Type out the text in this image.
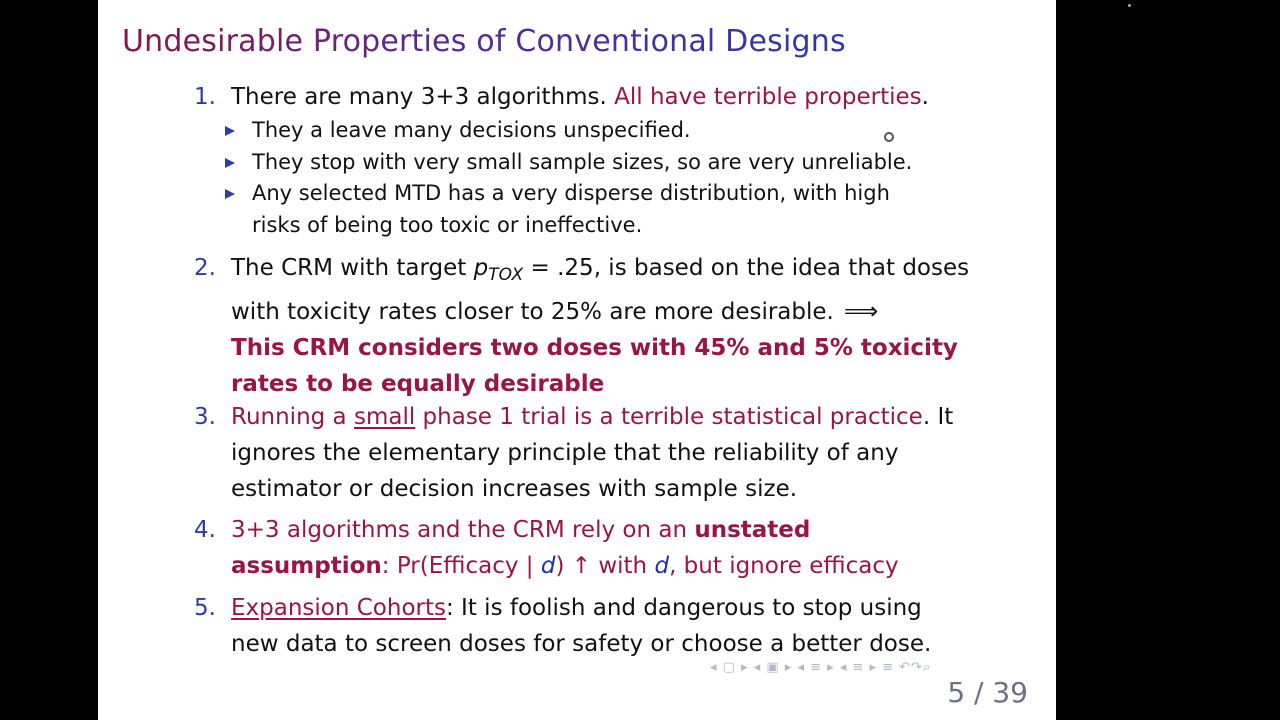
Undesirable Properties of Conventional Designs
1. There are many 3+3 algorithms. All have terrible properties.
They a leave many decisions unspecified.
They stop with very small sample sizes, so are very unreliable.
Any selected MTD has a very disperse distribution, with high risks of being too toxic or ineffective.
2. The CRM with target $p_{TOX} = .25$, is based on the idea that doses with toxicity rates closer to 25% are more desirable. ⟹
This CRM considers two doses with 45% and 5% toxicity rates to be equally desirable
3. Running a small phase 1 trial is a terrible statistical practice. It ignores the elementary principle that the reliability of any estimator or decision increases with sample size.
4. 3+3 algorithms and the CRM rely on an unstated assumption: Pr(Efficacy | d) ↑ with d, but ignore efficacy
5. Expansion Cohorts: It is foolish and dangerous to stop using new data to screen doses for safety or choose a better dose.
◂ ▢ ▸ ◂ ▣ ▸ ◂ ≡ ▸ ◂ ≡ ▸ ≡ ↶↷⌕
5 / 39
